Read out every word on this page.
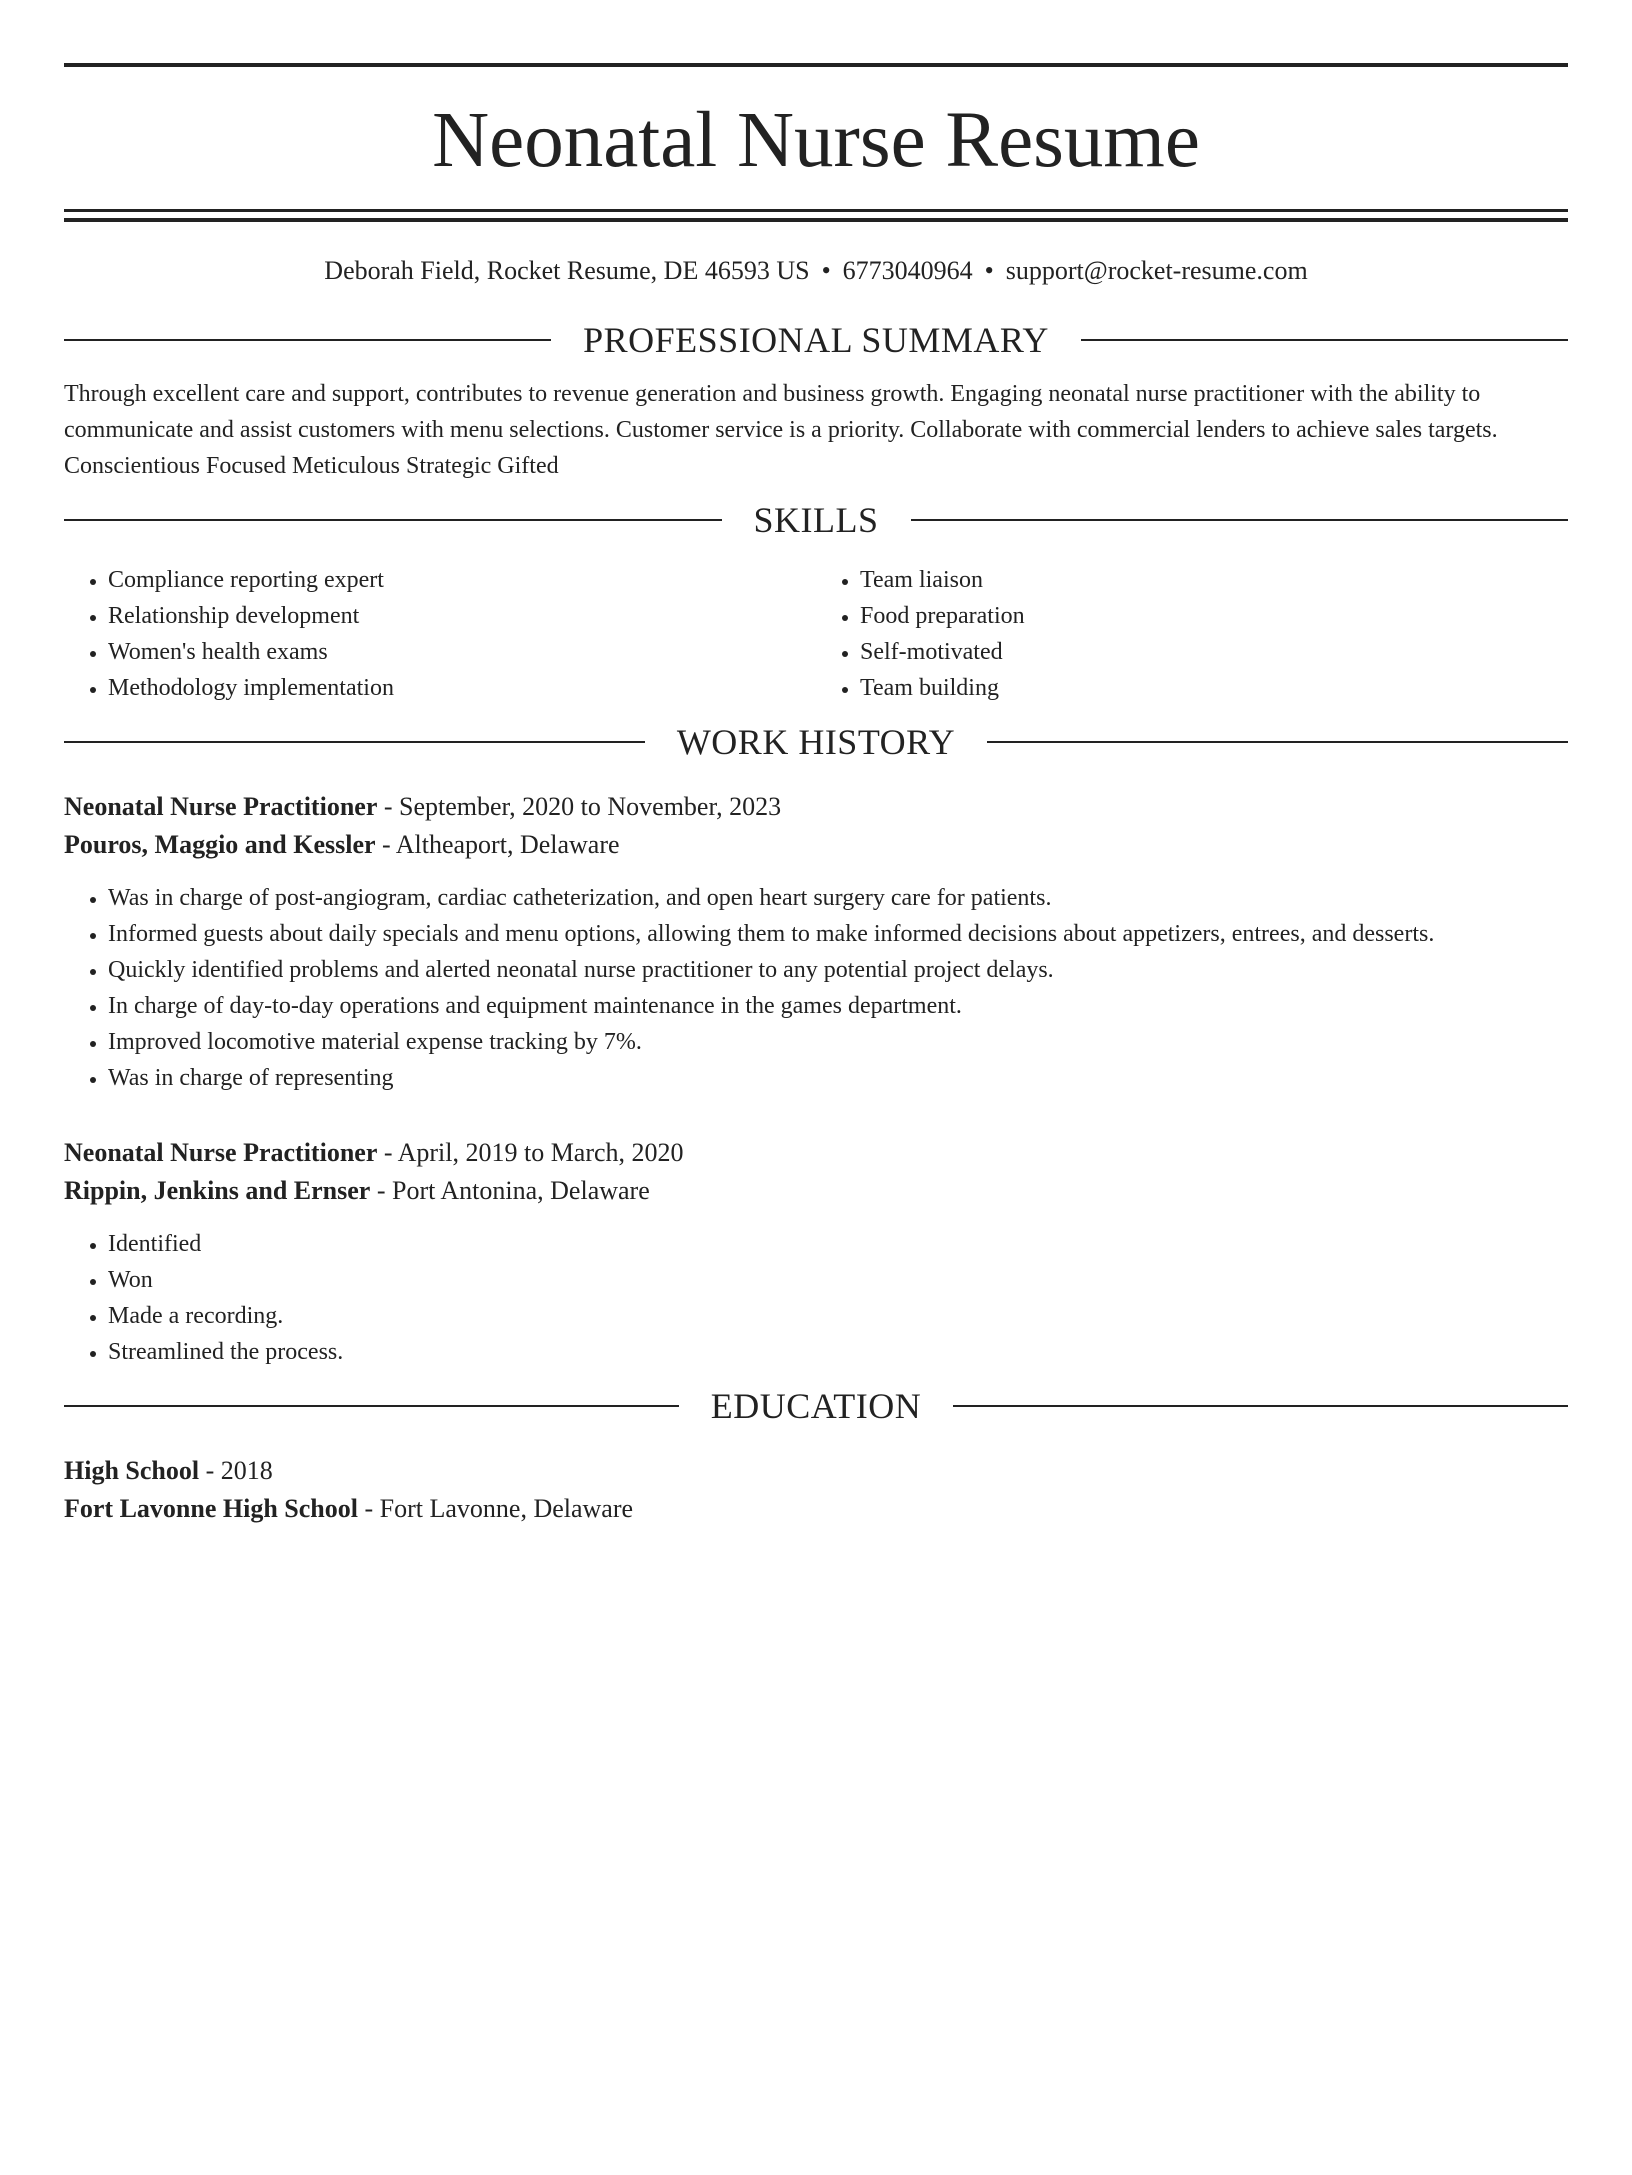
Neonatal Nurse Resume
Deborah Field, Rocket Resume, DE 46593 US • 6773040964 • support@rocket-resume.com
PROFESSIONAL SUMMARY

Through excellent care and support, contributes to revenue generation and business growth. Engaging neonatal nurse practitioner with the ability to communicate and assist customers with menu selections. Customer service is a priority. Collaborate with commercial lenders to achieve sales targets. Conscientious Focused Meticulous Strategic Gifted

SKILLS
• Compliance reporting expert
• Relationship development
• Women's health exams
• Methodology implementation
• Team liaison
• Food preparation
• Self-motivated
• Team building
WORK HISTORY
Neonatal Nurse Practitioner - September, 2020 to November, 2023
Pouros, Maggio and Kessler - Altheaport, Delaware
• Was in charge of post-angiogram, cardiac catheterization, and open heart surgery care for patients.
• Informed guests about daily specials and menu options, allowing them to make informed decisions about appetizers, entrees, and desserts.
• Quickly identified problems and alerted neonatal nurse practitioner to any potential project delays.
• In charge of day-to-day operations and equipment maintenance in the games department.
• Improved locomotive material expense tracking by 7%.
• Was in charge of representing
Neonatal Nurse Practitioner - April, 2019 to March, 2020
Rippin, Jenkins and Ernser - Port Antonina, Delaware
• Identified
• Won
• Made a recording.
• Streamlined the process.
EDUCATION
High School - 2018
Fort Lavonne High School - Fort Lavonne, Delaware
